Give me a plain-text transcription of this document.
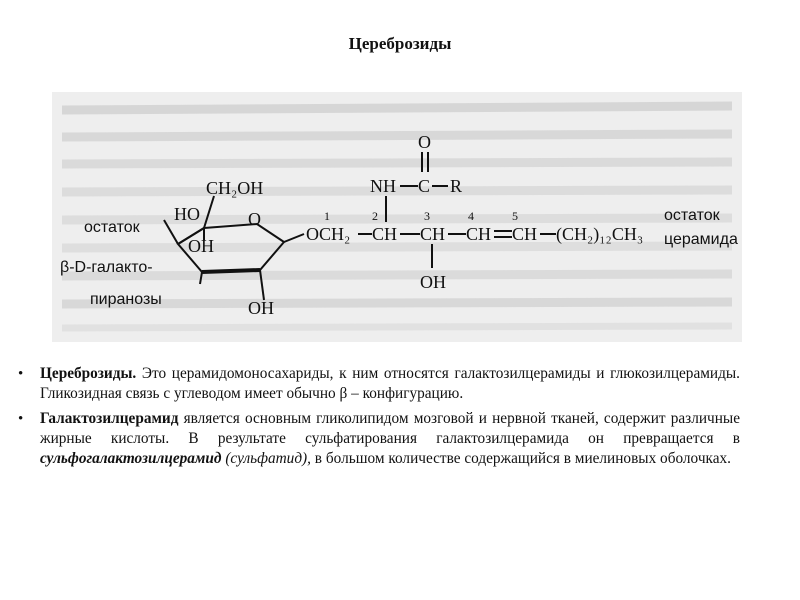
Цереброзиды
CH₂OH
O
HO
OH
OH
остаток
β-D-галакто-
пиранозы
OCH₂ CH CH CH CH (CH₂)₁₂CH₃
1	2	3	4	5
NH C R
O
OH
остаток
церамида
• Цереброзиды. Это церамидомоносахариды, к ним относятся галактозилцерамиды и глюкозилцерамиды. Гликозидная связь с углеводом имеет обычно β – конфигурацию.
• Галактозилцерамид является основным гликолипидом мозговой и нервной тканей, содержит различные жирные кислоты. В результате сульфатирования галактозилцерамида он превращается в сульфогалактозилцерамид (сульфатид), в большом количестве содержащийся в миелиновых оболочках.
